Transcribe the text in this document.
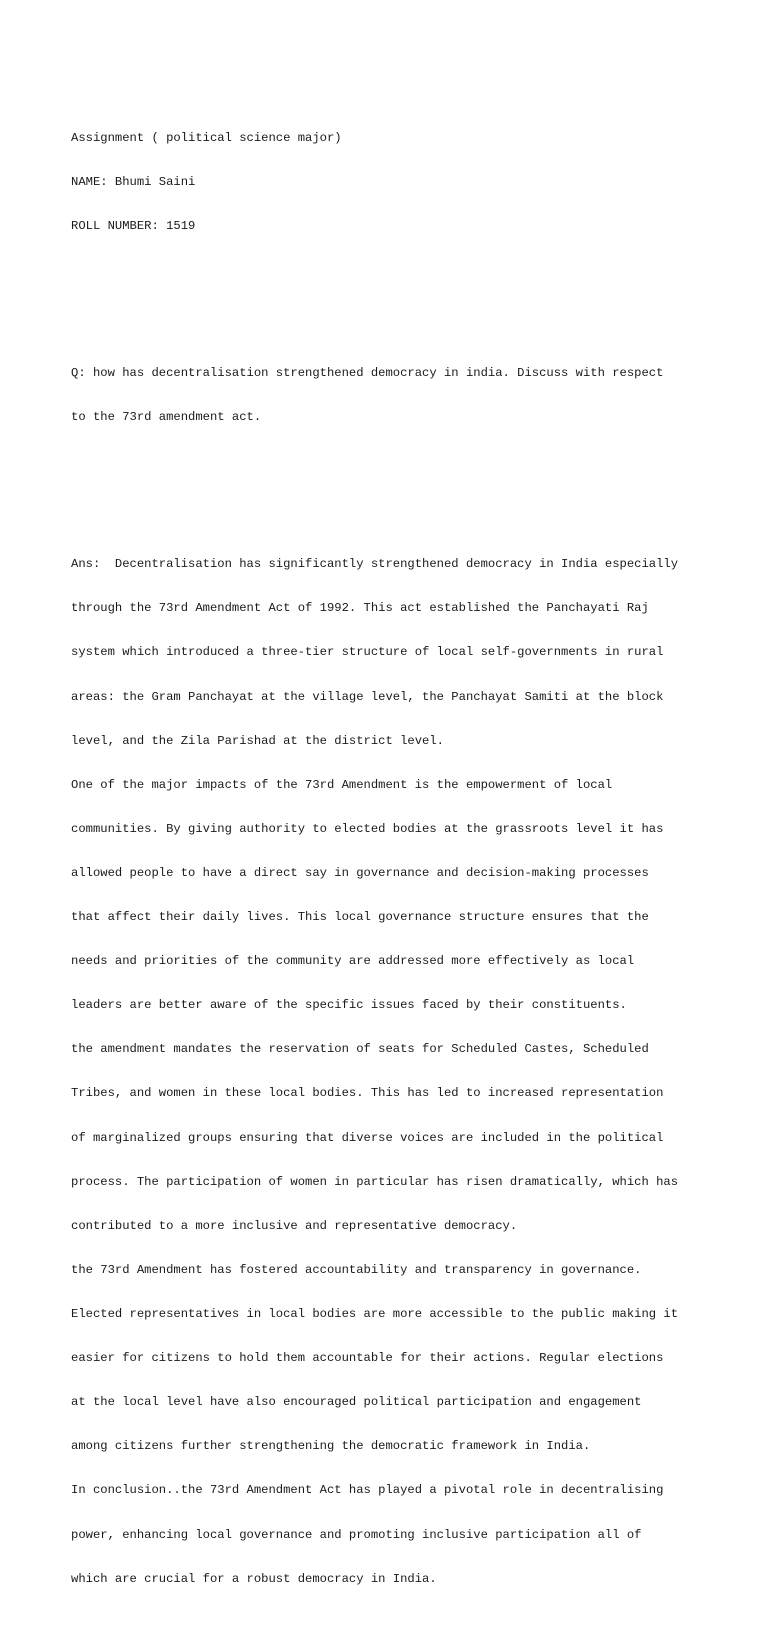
Assignment ( political science major)

NAME: Bhumi Saini

ROLL NUMBER: 1519

Q: how has decentralisation strengthened democracy in india. Discuss with respect

to the 73rd amendment act.

Ans:  Decentralisation has significantly strengthened democracy in India especially

through the 73rd Amendment Act of 1992. This act established the Panchayati Raj

system which introduced a three-tier structure of local self-governments in rural

areas: the Gram Panchayat at the village level, the Panchayat Samiti at the block

level, and the Zila Parishad at the district level.

One of the major impacts of the 73rd Amendment is the empowerment of local

communities. By giving authority to elected bodies at the grassroots level it has

allowed people to have a direct say in governance and decision-making processes

that affect their daily lives. This local governance structure ensures that the

needs and priorities of the community are addressed more effectively as local

leaders are better aware of the specific issues faced by their constituents.

the amendment mandates the reservation of seats for Scheduled Castes, Scheduled

Tribes, and women in these local bodies. This has led to increased representation

of marginalized groups ensuring that diverse voices are included in the political

process. The participation of women in particular has risen dramatically, which has

contributed to a more inclusive and representative democracy.

the 73rd Amendment has fostered accountability and transparency in governance.

Elected representatives in local bodies are more accessible to the public making it

easier for citizens to hold them accountable for their actions. Regular elections

at the local level have also encouraged political participation and engagement

among citizens further strengthening the democratic framework in India.

In conclusion..the 73rd Amendment Act has played a pivotal role in decentralising

power, enhancing local governance and promoting inclusive participation all of

which are crucial for a robust democracy in India.
